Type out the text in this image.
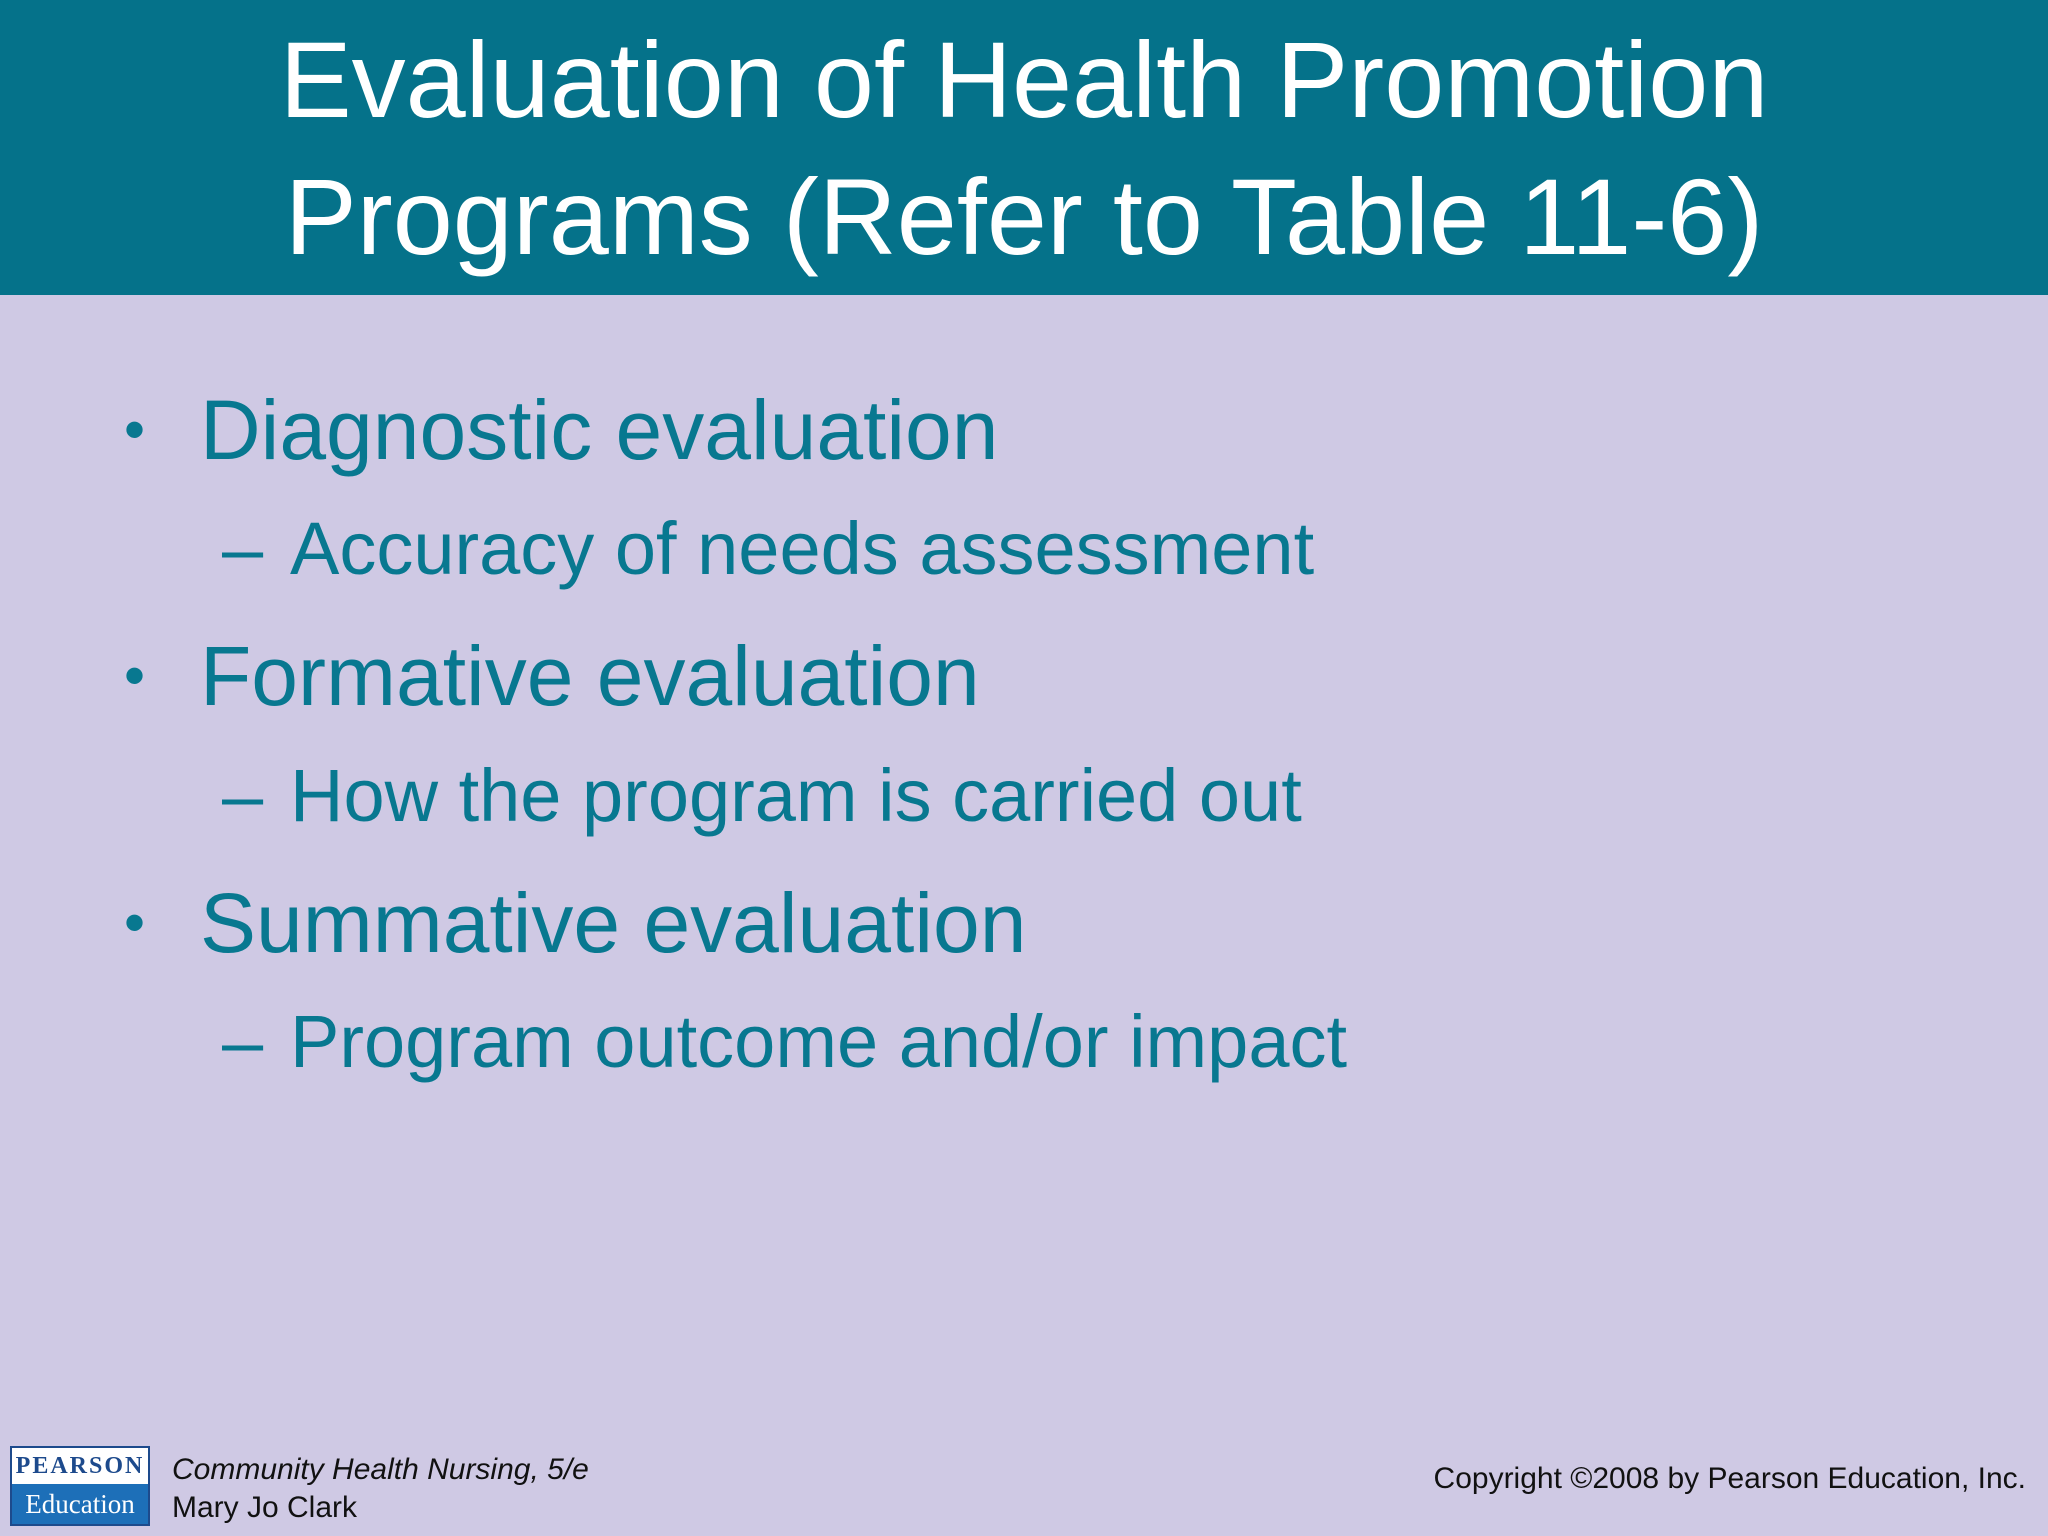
Evaluation of Health Promotion
Programs (Refer to Table 11-6)
• Diagnostic evaluation
– Accuracy of needs assessment
• Formative evaluation
– How the program is carried out
• Summative evaluation
– Program outcome and/or impact
PEARSON
Education
Community Health Nursing, 5/e
Mary Jo Clark
Copyright ©2008 by Pearson Education, Inc.
